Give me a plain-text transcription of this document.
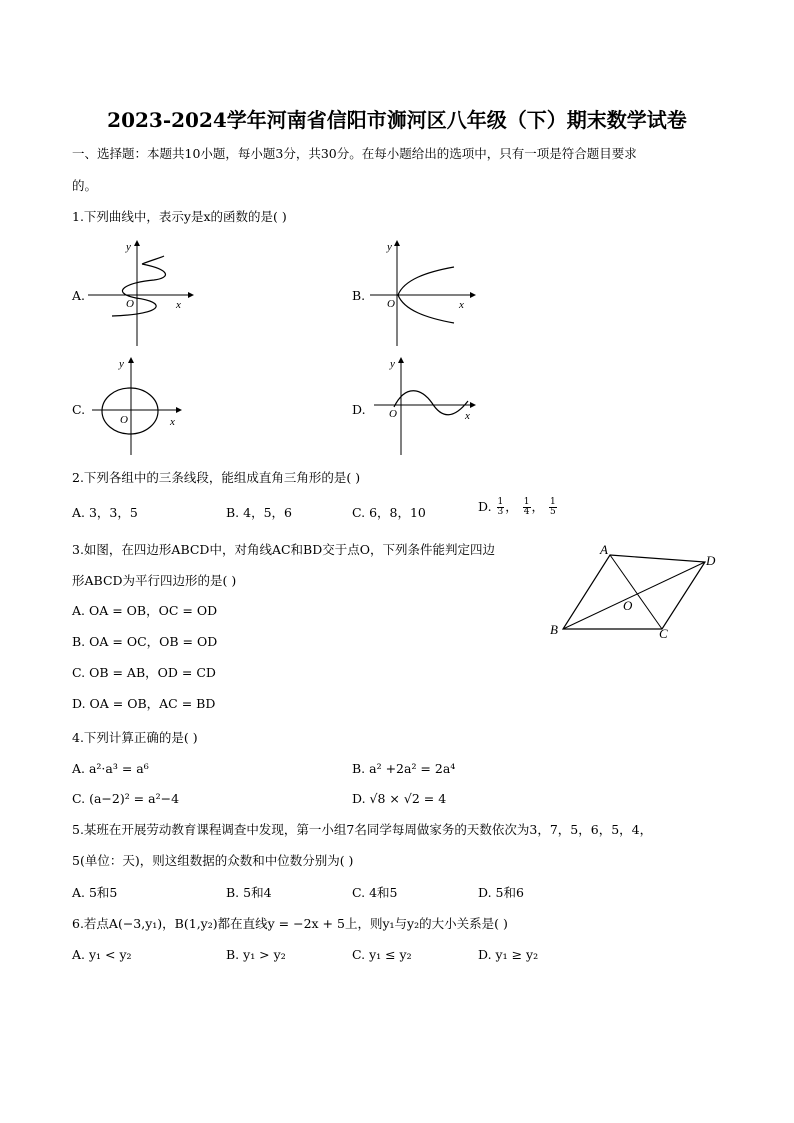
2023-2024学年河南省信阳市浉河区八年级（下）期末数学试卷
一、选择题：本题共10小题，每小题3分，共30分。在每小题给出的选项中，只有一项是符合题目要求
的。
1.下列曲线中，表示y是x的函数的是( )
A.
O	x
y
B.
O	x
y
C.
O	x
y
D. O	x
y
2.下列各组中的三条线段，能组成直角三角形的是( )
A. 3，3，5	B. 4，5，6	C. 6，8，10	D. $\frac{1}{3}$ ， $\frac{1}{4}$ ， $\frac{1}{5}$
3.如图，在四边形ABCD中，对角线AC和BD交于点O，下列条件能判定四边
形ABCD为平行四边形的是( )
A. OA = OB，OC = OD
B. OA = OC，OB = OD
C. OB = AB，OD = CD
D. OA = OB，AC = BD
A
D
B	C
O
4.下列计算正确的是( )
A. a²·a³ = a⁶	B. a² +2a² = 2a⁴
C. (a−2)² = a²−4	D. √8 × √2 = 4
5.某班在开展劳动教育课程调查中发现，第一小组7名同学每周做家务的天数依次为3，7，5，6，5，4，
5(单位：天)，则这组数据的众数和中位数分别为( )
A. 5和5	B. 5和4	C. 4和5	D. 5和6
6.若点A(−3,y₁)，B(1,y₂)都在直线y = −2x + 5上，则y₁与y₂的大小关系是( )
A. y₁ < y₂	B. y₁ > y₂	C. y₁ ≤ y₂	D. y₁ ≥ y₂
